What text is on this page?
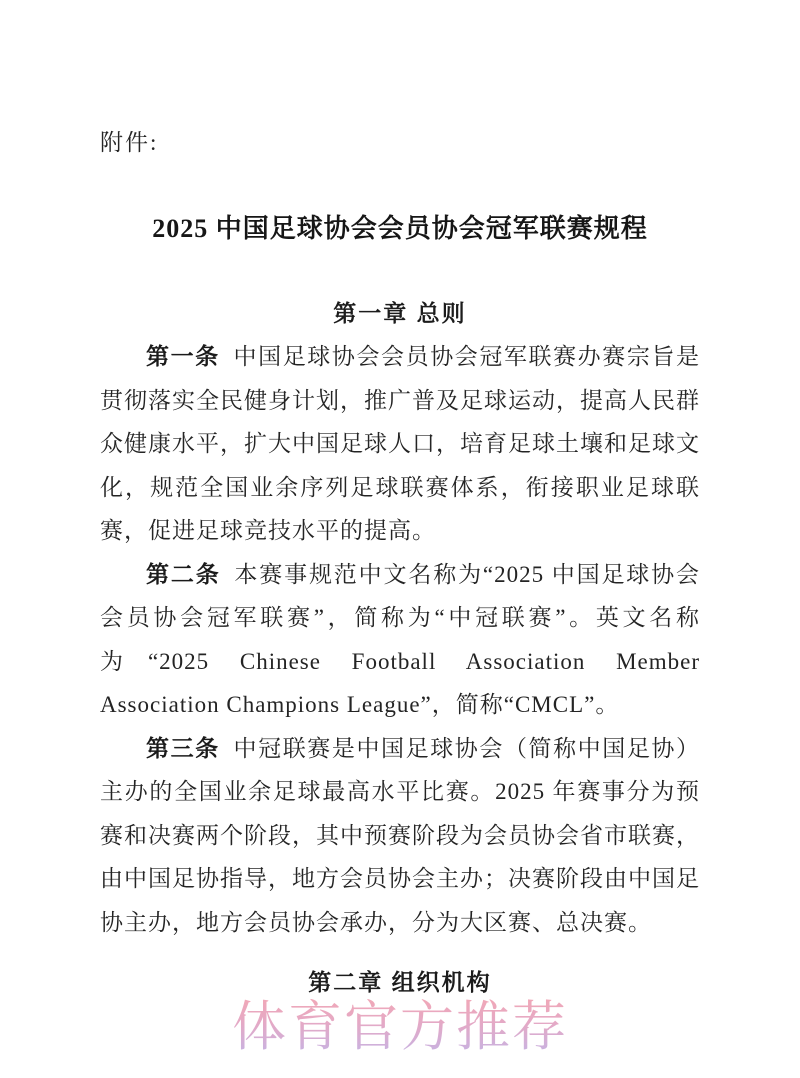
附件:
2025 中国足球协会会员协会冠军联赛规程
第一章 总则

第一条 中国足球协会会员协会冠军联赛办赛宗旨是贯彻落实全民健身计划，推广普及足球运动，提高人民群众健康水平，扩大中国足球人口，培育足球土壤和足球文化，规范全国业余序列足球联赛体系，衔接职业足球联赛，促进足球竞技水平的提高。

第二条 本赛事规范中文名称为“2025 中国足球协会会员协会冠军联赛”，简称为“中冠联赛”。英文名称为“2025 Chinese Football Association Member Association Champions League”，简称“CMCL”。

第三条 中冠联赛是中国足球协会（简称中国足协）主办的全国业余足球最高水平比赛。2025 年赛事分为预赛和决赛两个阶段，其中预赛阶段为会员协会省市联赛，由中国足协指导，地方会员协会主办；决赛阶段由中国足协主办，地方会员协会承办，分为大区赛、总决赛。

第二章 组织机构
体育官方推荐
